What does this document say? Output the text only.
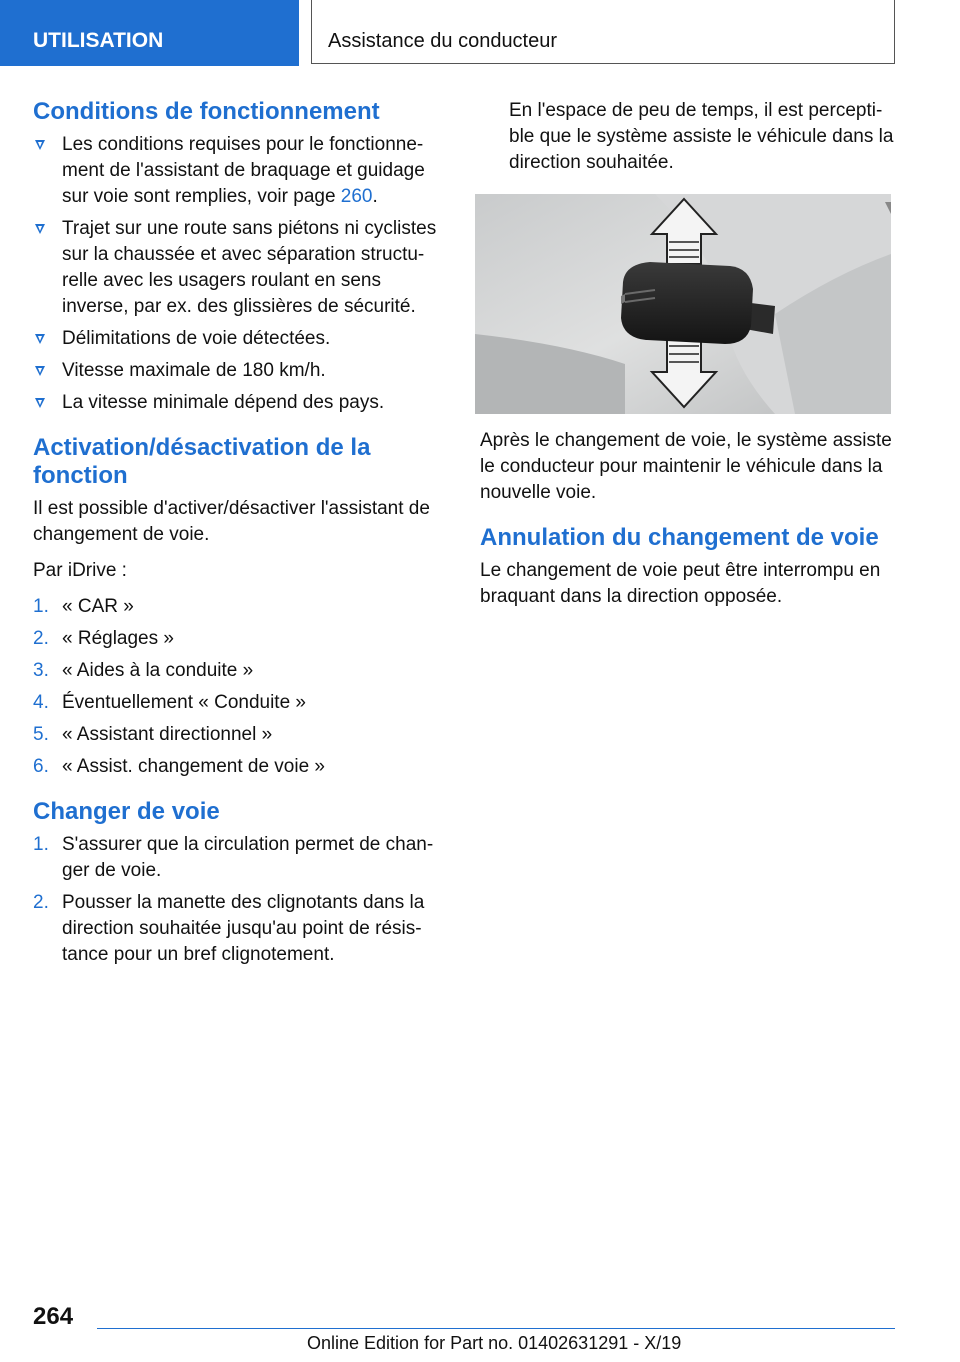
UTILISATION	Assistance du conducteur
Conditions de fonctionnement
Les conditions requises pour le fonctionnement de l'assistant de braquage et guidage sur voie sont remplies, voir page 260.
Trajet sur une route sans piétons ni cyclistes sur la chaussée et avec séparation structurelle avec les usagers roulant en sens inverse, par ex. des glissières de sécurité.
Délimitations de voie détectées.
Vitesse maximale de 180 km/h.
La vitesse minimale dépend des pays.
Activation/désactivation de la fonction

Il est possible d'activer/désactiver l'assistant de changement de voie.

Par iDrive :

1. « CAR »
2. « Réglages »
3. « Aides à la conduite »
4. Éventuellement « Conduite »
5. « Assistant directionnel »
6. « Assist. changement de voie »
Changer de voie
1. S'assurer que la circulation permet de changer de voie.
2. Pousser la manette des clignotants dans la direction souhaitée jusqu'au point de résistance pour un bref clignotement.

En l'espace de peu de temps, il est perceptible que le système assiste le véhicule dans la direction souhaitée.

Après le changement de voie, le système assiste le conducteur pour maintenir le véhicule dans la nouvelle voie.

Annulation du changement de voie

Le changement de voie peut être interrompu en braquant dans la direction opposée.

264
Online Edition for Part no. 01402631291 - X/19
